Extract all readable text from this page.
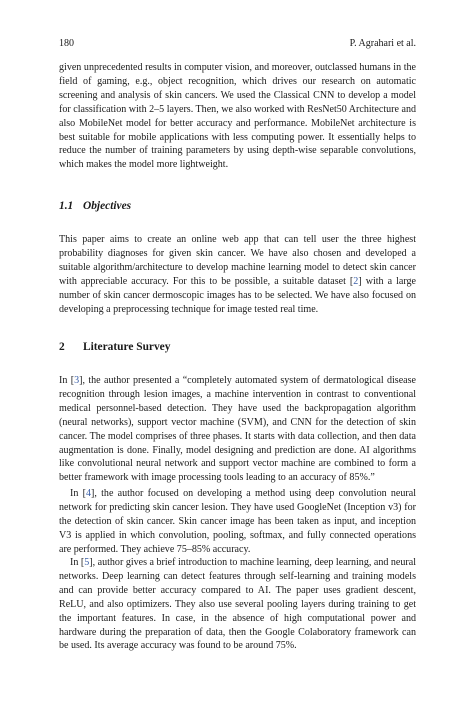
180	P. Agrahari et al.

given unprecedented results in computer vision, and moreover, outclassed humans in the field of gaming, e.g., object recognition, which drives our research on automatic screening and analysis of skin cancers. We used the Classical CNN to develop a model for classification with 2–5 layers. Then, we also worked with ResNet50 Architecture and also MobileNet model for better accuracy and performance. MobileNet architecture is best suitable for mobile applications with less computing power. It essentially helps to reduce the number of training parameters by using depth-wise separable convolutions, which makes the model more lightweight.

1.1 Objectives

This paper aims to create an online web app that can tell user the three highest probability diagnoses for given skin cancer. We have also chosen and developed a suitable algorithm/architecture to develop machine learning model to detect skin cancer with appreciable accuracy. For this to be possible, a suitable dataset [2] with a large number of skin cancer dermoscopic images has to be selected. We have also focused on developing a preprocessing technique for image tested real time.

2 Literature Survey

In [3], the author presented a “completely automated system of dermatological disease recognition through lesion images, a machine intervention in contrast to conventional medical personnel-based detection. They have used the backpropagation algorithm (neural networks), support vector machine (SVM), and CNN for the detection of skin cancer. The model comprises of three phases. It starts with data collection, and then data augmentation is done. Finally, model designing and prediction are done. AI algorithms like convolutional neural network and support vector machine are combined to form a better framework with image processing tools leading to an accuracy of 85%.”

In [4], the author focused on developing a method using deep convolution neural network for predicting skin cancer lesion. They have used GoogleNet (Inception v3) for the detection of skin cancer. Skin cancer image has been taken as input, and inception V3 is applied in which convolution, pooling, softmax, and fully connected operations are performed. They achieve 75–85% accuracy.

In [5], author gives a brief introduction to machine learning, deep learning, and neural networks. Deep learning can detect features through self-learning and training models and can provide better accuracy compared to AI. The paper uses gradient descent, ReLU, and also optimizers. They also use several pooling layers during training to get the important features. In case, in the absence of high computational power and hardware during the preparation of data, then the Google Colaboratory framework can be used. Its average accuracy was found to be around 75%.
